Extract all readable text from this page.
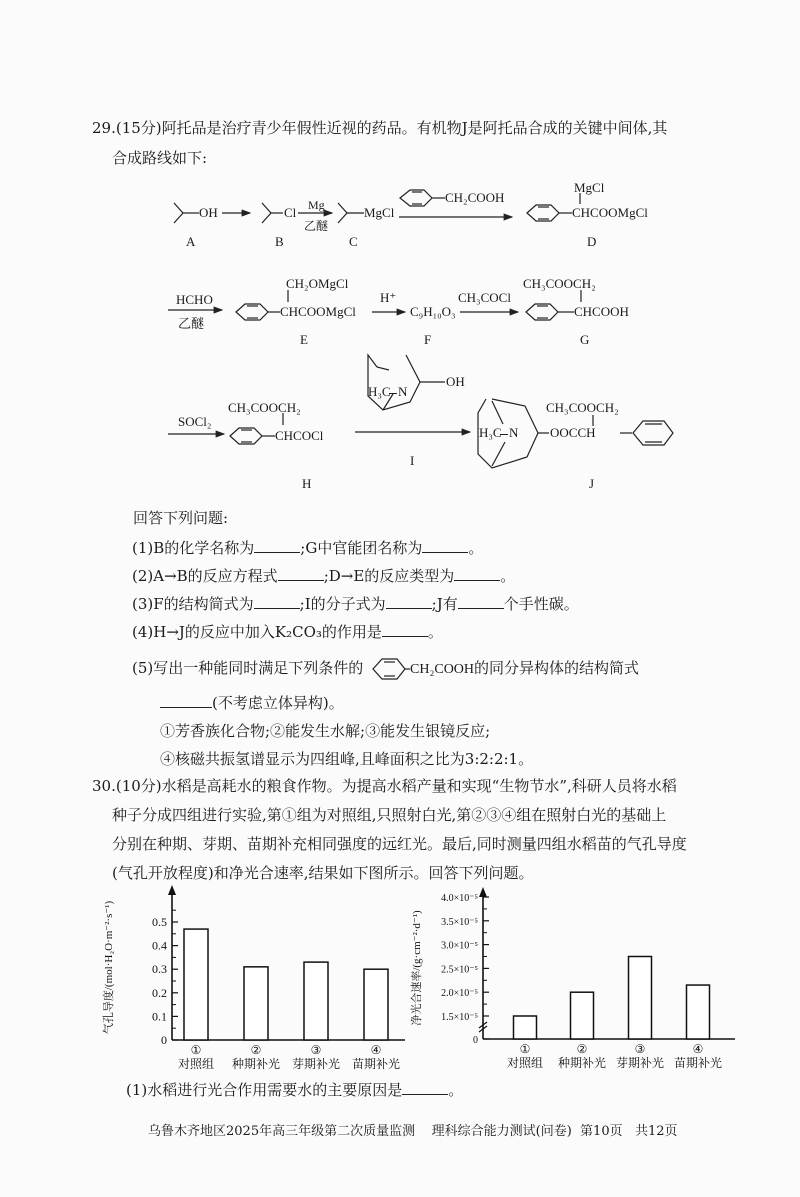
29.(15分)阿托品是治疗青少年假性近视的药品。有机物J是阿托品合成的关键中间体,其
合成路线如下:
OH
A
Cl
B
Mg
乙醚
MgCl
C
CH₂COOH
MgCl
CHCOOMgCl
D
HCHO
乙醚
CH₂OMgCl
CHCOOMgCl
E
H⁺
C₉H₁₀O₃
F
CH₃COCl
CH₃COOCH₂
CHCOOH
G
SOCl₂
CH₃COOCH₂
CHCOCl
H
H₃C N
OH
I
H₃C N
CH₃COOCH₂
OOCCH
J
回答下列问题:
(1)B的化学名称为	;G中官能团名称为	。
(2)A→B的反应方程式	;D→E的反应类型为	。
(3)F的结构简式为	;I的分子式为	;J有	个手性碳。
(4)H→J的反应中加入K₂CO₃的作用是	。
(5)写出一种能同时满足下列条件的	CH₂COOH的同分异构体的结构简式
(不考虑立体异构)。
①芳香族化合物;②能发生水解;③能发生银镜反应;
④核磁共振氢谱显示为四组峰,且峰面积之比为3:2:2:1。
30.(10分)水稻是高耗水的粮食作物。为提高水稻产量和实现“生物节水”,科研人员将水稻
种子分成四组进行实验,第①组为对照组,只照射白光,第②③④组在照射白光的基础上
分别在种期、芽期、苗期补充相同强度的远红光。最后,同时测量四组水稻苗的气孔导度
(气孔开放程度)和净光合速率,结果如下图所示。回答下列问题。
气孔导度/(mol·H₂O·m⁻²·s⁻¹)
0
0.1
0.2
0.3
0.4
0.5
①
对照组
②
种期补光
③
芽期补光
④
苗期补光
净光合速率/(g·cm⁻²·d⁻¹)
0
1.5×10⁻⁵
2.0×10⁻⁵
2.5×10⁻⁵
3.0×10⁻⁵
3.5×10⁻⁵
4.0×10⁻⁵
①
对照组
②
种期补光
③
芽期补光
④
苗期补光
(1)水稻进行光合作用需要水的主要原因是	。
乌鲁木齐地区2025年高三年级第二次质量监测 理科综合能力测试(问卷) 第10页 共12页
